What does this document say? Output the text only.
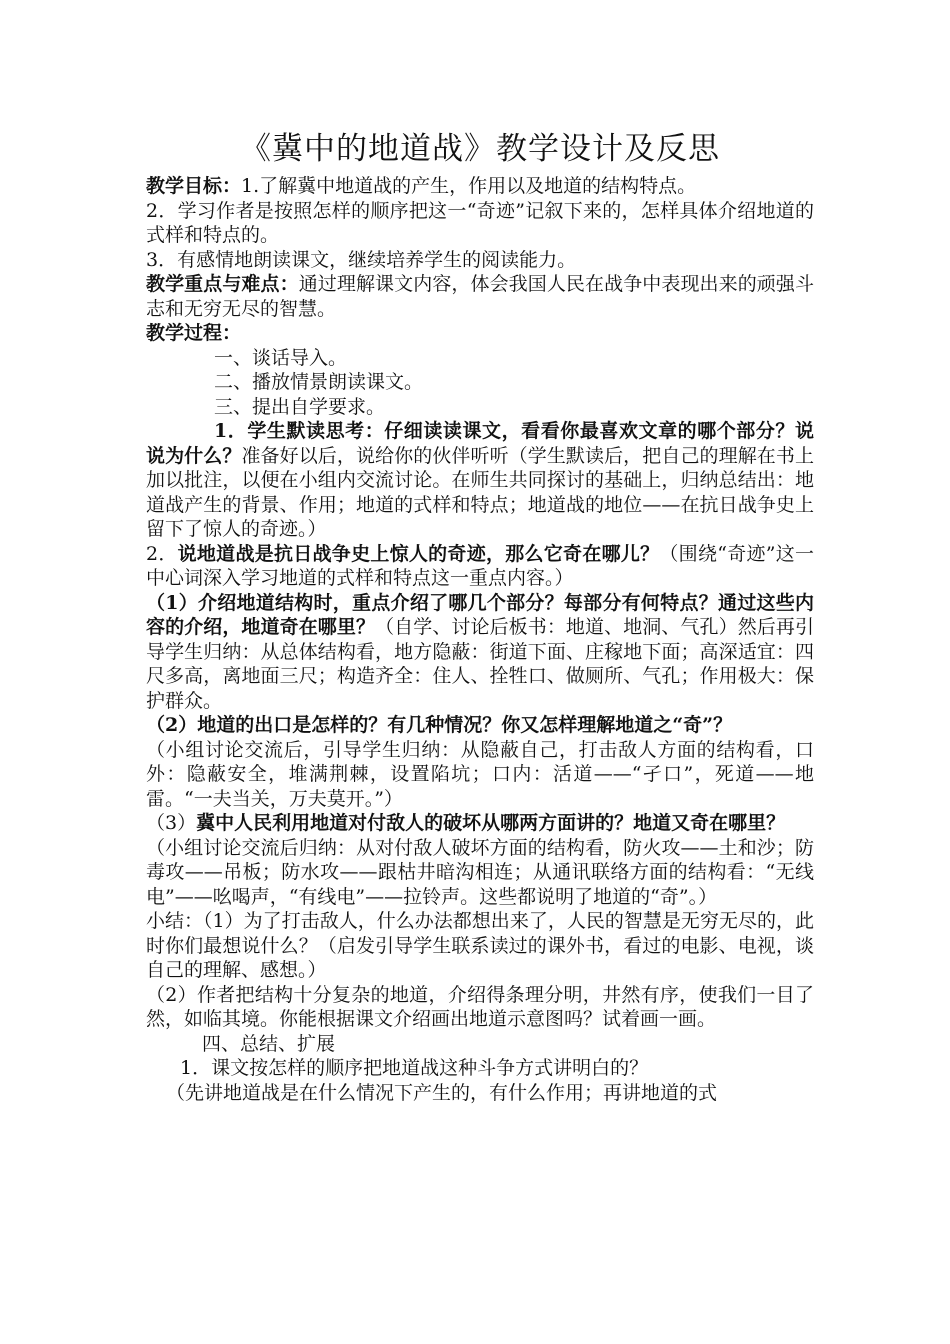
《冀中的地道战》教学设计及反思

教学目标：1.了解冀中地道战的产生，作用以及地道的结构特点。

2．学习作者是按照怎样的顺序把这一“奇迹”记叙下来的，怎样具体介绍地道的式样和特点的。

3．有感情地朗读课文，继续培养学生的阅读能力。

教学重点与难点：通过理解课文内容，体会我国人民在战争中表现出来的顽强斗志和无穷无尽的智慧。

教学过程：

一、谈话导入。

二、播放情景朗读课文。

三、提出自学要求。

1．学生默读思考：仔细读读课文，看看你最喜欢文章的哪个部分？说说为什么？准备好以后，说给你的伙伴听听（学生默读后，把自己的理解在书上加以批注，以便在小组内交流讨论。在师生共同探讨的基础上，归纳总结出：地道战产生的背景、作用；地道的式样和特点；地道战的地位——在抗日战争史上留下了惊人的奇迹。）

2．说地道战是抗日战争史上惊人的奇迹，那么它奇在哪儿？（围绕“奇迹”这一中心词深入学习地道的式样和特点这一重点内容。）

（1）介绍地道结构时，重点介绍了哪几个部分？每部分有何特点？通过这些内容的介绍，地道奇在哪里？（自学、讨论后板书：地道、地洞、气孔）然后再引导学生归纳：从总体结构看，地方隐蔽：街道下面、庄稼地下面；高深适宜：四尺多高，离地面三尺；构造齐全：住人、拴牲口、做厕所、气孔；作用极大：保护群众。

（2）地道的出口是怎样的？有几种情况？你又怎样理解地道之“奇”？

（小组讨论交流后，引导学生归纳：从隐蔽自己，打击敌人方面的结构看，口外：隐蔽安全，堆满荆棘，设置陷坑；口内：活道——“孑口”，死道——地雷。“一夫当关，万夫莫开。”）

（3）冀中人民利用地道对付敌人的破坏从哪两方面讲的？地道又奇在哪里？

（小组讨论交流后归纳：从对付敌人破坏方面的结构看，防火攻——土和沙；防毒攻——吊板；防水攻——跟枯井暗沟相连；从通讯联络方面的结构看：“无线电”——吆喝声，“有线电”——拉铃声。这些都说明了地道的“奇”。）

小结：（1）为了打击敌人，什么办法都想出来了，人民的智慧是无穷无尽的，此时你们最想说什么？（启发引导学生联系读过的课外书，看过的电影、电视，谈自己的理解、感想。）

（2）作者把结构十分复杂的地道，介绍得条理分明，井然有序，使我们一目了然，如临其境。你能根据课文介绍画出地道示意图吗？试着画一画。

四、总结、扩展

1．课文按怎样的顺序把地道战这种斗争方式讲明白的？

（先讲地道战是在什么情况下产生的，有什么作用；再讲地道的式
